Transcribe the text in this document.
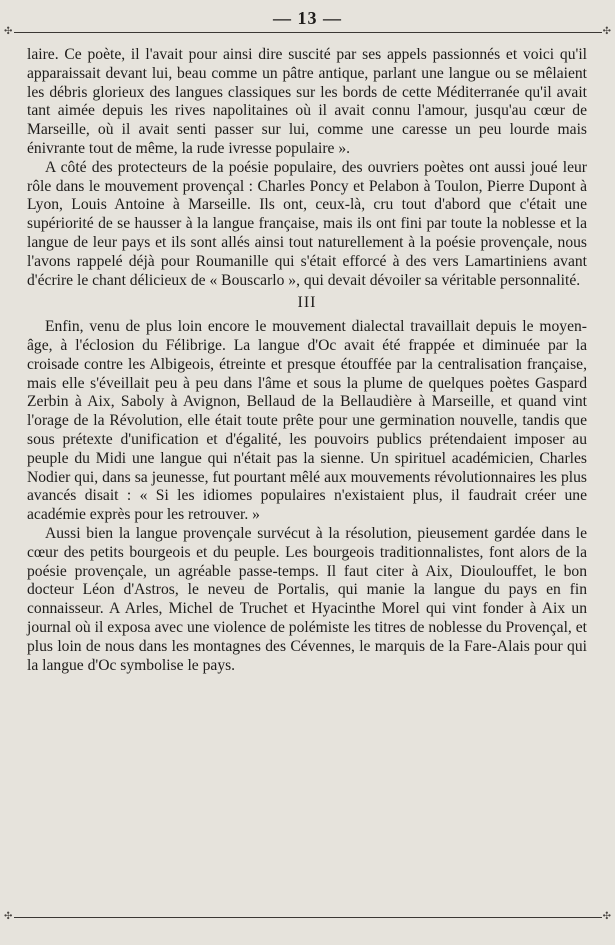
— 13 —
✣	✣

laire. Ce poète, il l'avait pour ainsi dire suscité par ses appels passionnés et voici qu'il apparaissait devant lui, beau comme un pâtre antique, parlant une langue ou se mêlaient les débris glorieux des langues classiques sur les bords de cette Méditerranée qu'il avait tant aimée depuis les rives napolitaines où il avait connu l'amour, jusqu'au cœur de Marseille, où il avait senti passer sur lui, comme une caresse un peu lourde mais énivrante tout de même, la rude ivresse populaire ».

A côté des protecteurs de la poésie populaire, des ouvriers poètes ont aussi joué leur rôle dans le mouvement provençal : Charles Poncy et Pelabon à Toulon, Pierre Dupont à Lyon, Louis Antoine à Marseille. Ils ont, ceux-là, cru tout d'abord que c'était une supériorité de se hausser à la langue française, mais ils ont fini par toute la noblesse et la langue de leur pays et ils sont allés ainsi tout naturellement à la poésie provençale, nous l'avons rappelé déjà pour Roumanille qui s'était efforcé à des vers Lamartiniens avant d'écrire le chant délicieux de « Bouscarlo », qui devait dévoiler sa véritable personnalité.

III

Enfin, venu de plus loin encore le mouvement dialectal travaillait depuis le moyen-âge, à l'éclosion du Félibrige. La langue d'Oc avait été frappée et diminuée par la croisade contre les Albigeois, étreinte et presque étouffée par la centralisation française, mais elle s'éveillait peu à peu dans l'âme et sous la plume de quelques poètes Gaspard Zerbin à Aix, Saboly à Avignon, Bellaud de la Bellaudière à Marseille, et quand vint l'orage de la Révolution, elle était toute prête pour une germination nouvelle, tandis que sous prétexte d'unification et d'égalité, les pouvoirs publics prétendaient imposer au peuple du Midi une langue qui n'était pas la sienne. Un spirituel académicien, Charles Nodier qui, dans sa jeunesse, fut pourtant mêlé aux mouvements révolutionnaires les plus avancés disait : « Si les idiomes populaires n'existaient plus, il faudrait créer une académie exprès pour les retrouver. »

Aussi bien la langue provençale survécut à la résolution, pieusement gardée dans le cœur des petits bourgeois et du peuple. Les bourgeois traditionnalistes, font alors de la poésie provençale, un agréable passe-temps. Il faut citer à Aix, Dioulouffet, le bon docteur Léon d'Astros, le neveu de Portalis, qui manie la langue du pays en fin connaisseur. A Arles, Michel de Truchet et Hyacinthe Morel qui vint fonder à Aix un journal où il exposa avec une violence de polémiste les titres de noblesse du Provençal, et plus loin de nous dans les montagnes des Cévennes, le marquis de la Fare-Alais pour qui la langue d'Oc symbolise le pays.

✣	✣
